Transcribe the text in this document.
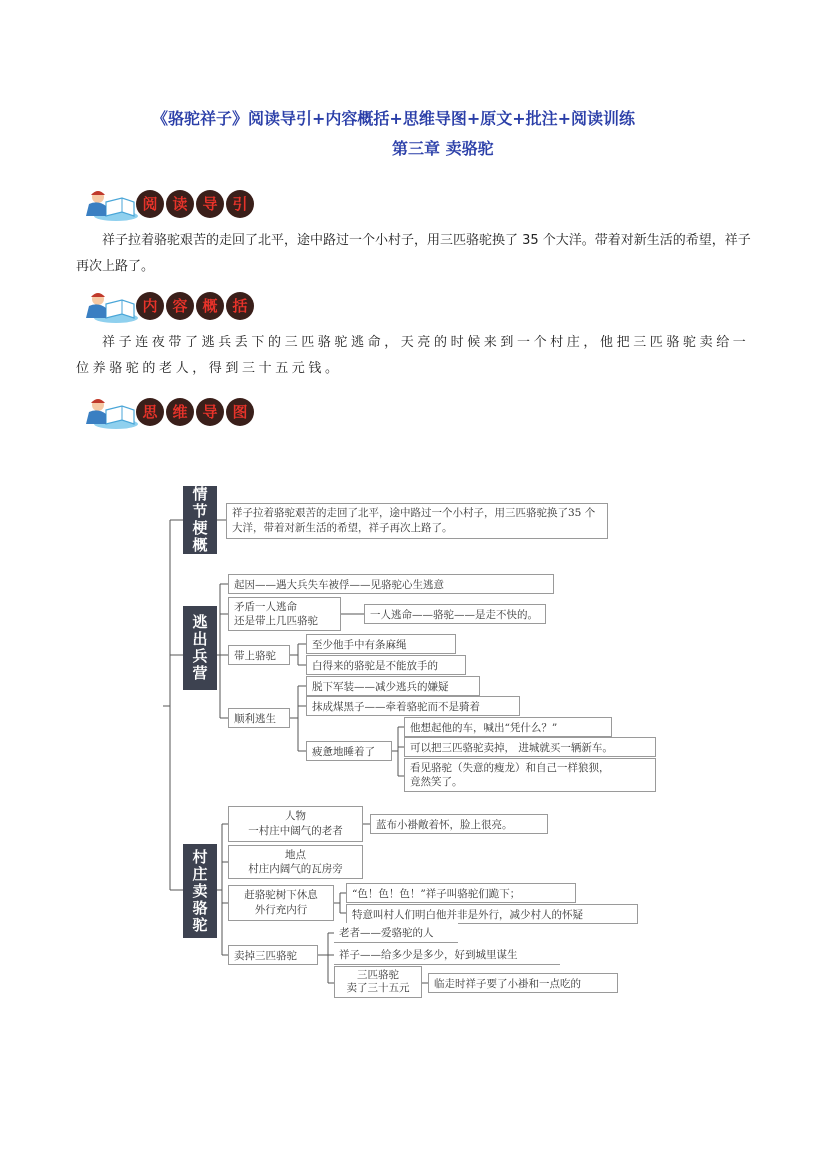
《骆驼祥子》阅读导引+内容概括+思维导图+原文+批注+阅读训练
第三章 卖骆驼
阅 读 导 引
祥子拉着骆驼艰苦的走回了北平，途中路过一个小村子，用三匹骆驼换了 35 个大洋。带着对新生活的希望，祥子再次上路了。
内 容 概 括
祥子连夜带了逃兵丢下的三匹骆驼逃命，天亮的时候来到一个村庄，他把三匹骆驼卖给一位养骆驼的老人，得到三十五元钱。
思 维 导 图
情节梗概	祥子拉着骆驼艰苦的走回了北平，途中路过一个小村子，用三匹骆驼换了35 个大洋，带着对新生活的希望，祥子再次上路了。
逃出兵营
起因——遇大兵失车被俘——见骆驼心生逃意
矛盾一人逃命
还是带上几匹骆驼	一人逃命——骆驼——是走不快的。
带上骆驼
至少他手中有条麻绳
白得来的骆驼是不能放手的
顺利逃生
脱下军装——减少逃兵的嫌疑
抹成煤黑子——牵着骆驼而不是骑着
疲惫地睡着了
他想起他的车，喊出“凭什么？”
可以把三匹骆驼卖掉， 进城就买一辆新车。
看见骆驼（失意的瘦龙）和自己一样狼狈，
竟然笑了。
村庄卖骆驼
人物
一村庄中阔气的老者	蓝布小褂敞着怀，脸上很亮。
地点
村庄内阔气的瓦房旁
赶骆驼树下休息
外行充内行
“色！色！色！”祥子叫骆驼们跪下；
特意叫村人们明白他并非是外行，减少村人的怀疑
卖掉三匹骆驼
老者——爱骆驼的人
祥子——给多少是多少，好到城里谋生
三匹骆驼
卖了三十五元	临走时祥子要了小褂和一点吃的
